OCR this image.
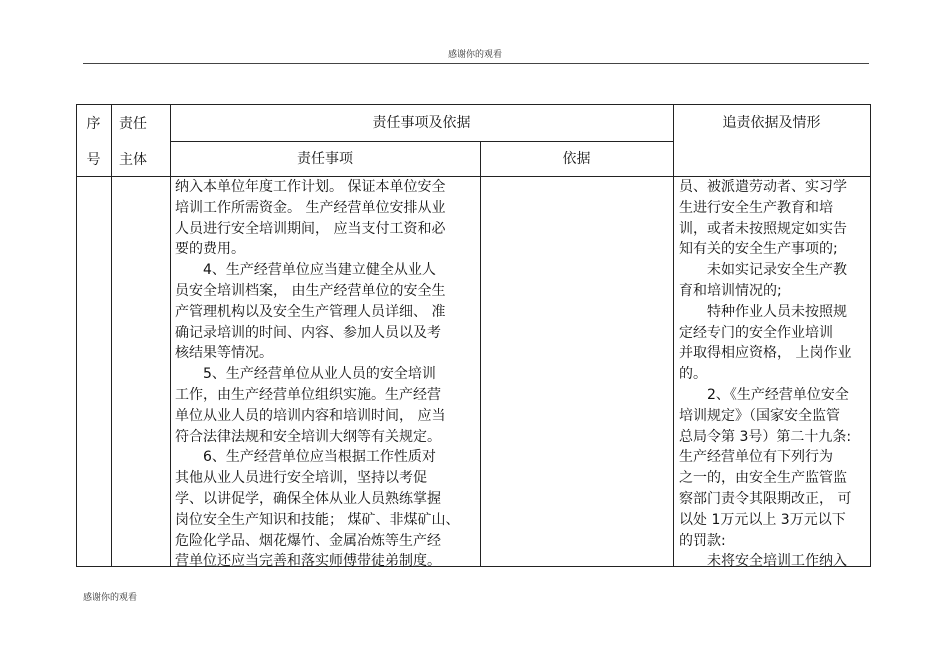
感谢你的观看
序
号
责任
主体
责任事项及依据
责任事项	依据
追责依据及情形
纳入本单位年度工作计划。 保证本单位安全
培训工作所需资金。 生产经营单位安排从业
人员进行安全培训期间， 应当支付工资和必
要的费用。
4、生产经营单位应当建立健全从业人
员安全培训档案， 由生产经营单位的安全生
产管理机构以及安全生产管理人员详细、 准
确记录培训的时间、内容、参加人员以及考
核结果等情况。
5、生产经营单位从业人员的安全培训
工作，由生产经营单位组织实施。生产经营
单位从业人员的培训内容和培训时间， 应当
符合法律法规和安全培训大纲等有关规定。
6、生产经营单位应当根据工作性质对
其他从业人员进行安全培训，坚持以考促
学、以讲促学，确保全体从业人员熟练掌握
岗位安全生产知识和技能； 煤矿、非煤矿山、
危险化学品、烟花爆竹、金属冶炼等生产经
营单位还应当完善和落实师傅带徒弟制度。
员、被派遣劳动者、实习学
生进行安全生产教育和培
训，或者未按照规定如实告
知有关的安全生产事项的;
未如实记录安全生产教
育和培训情况的;
特种作业人员未按照规
定经专门的安全作业培训
并取得相应资格， 上岗作业
的。
2、《生产经营单位安全
培训规定》（国家安全监管
总局令第 3号）第二十九条:
生产经营单位有下列行为
之一的，由安全生产监管监
察部门责令其限期改正， 可
以处 1万元以上 3万元以下
的罚款:
未将安全培训工作纳入
感谢你的观看
